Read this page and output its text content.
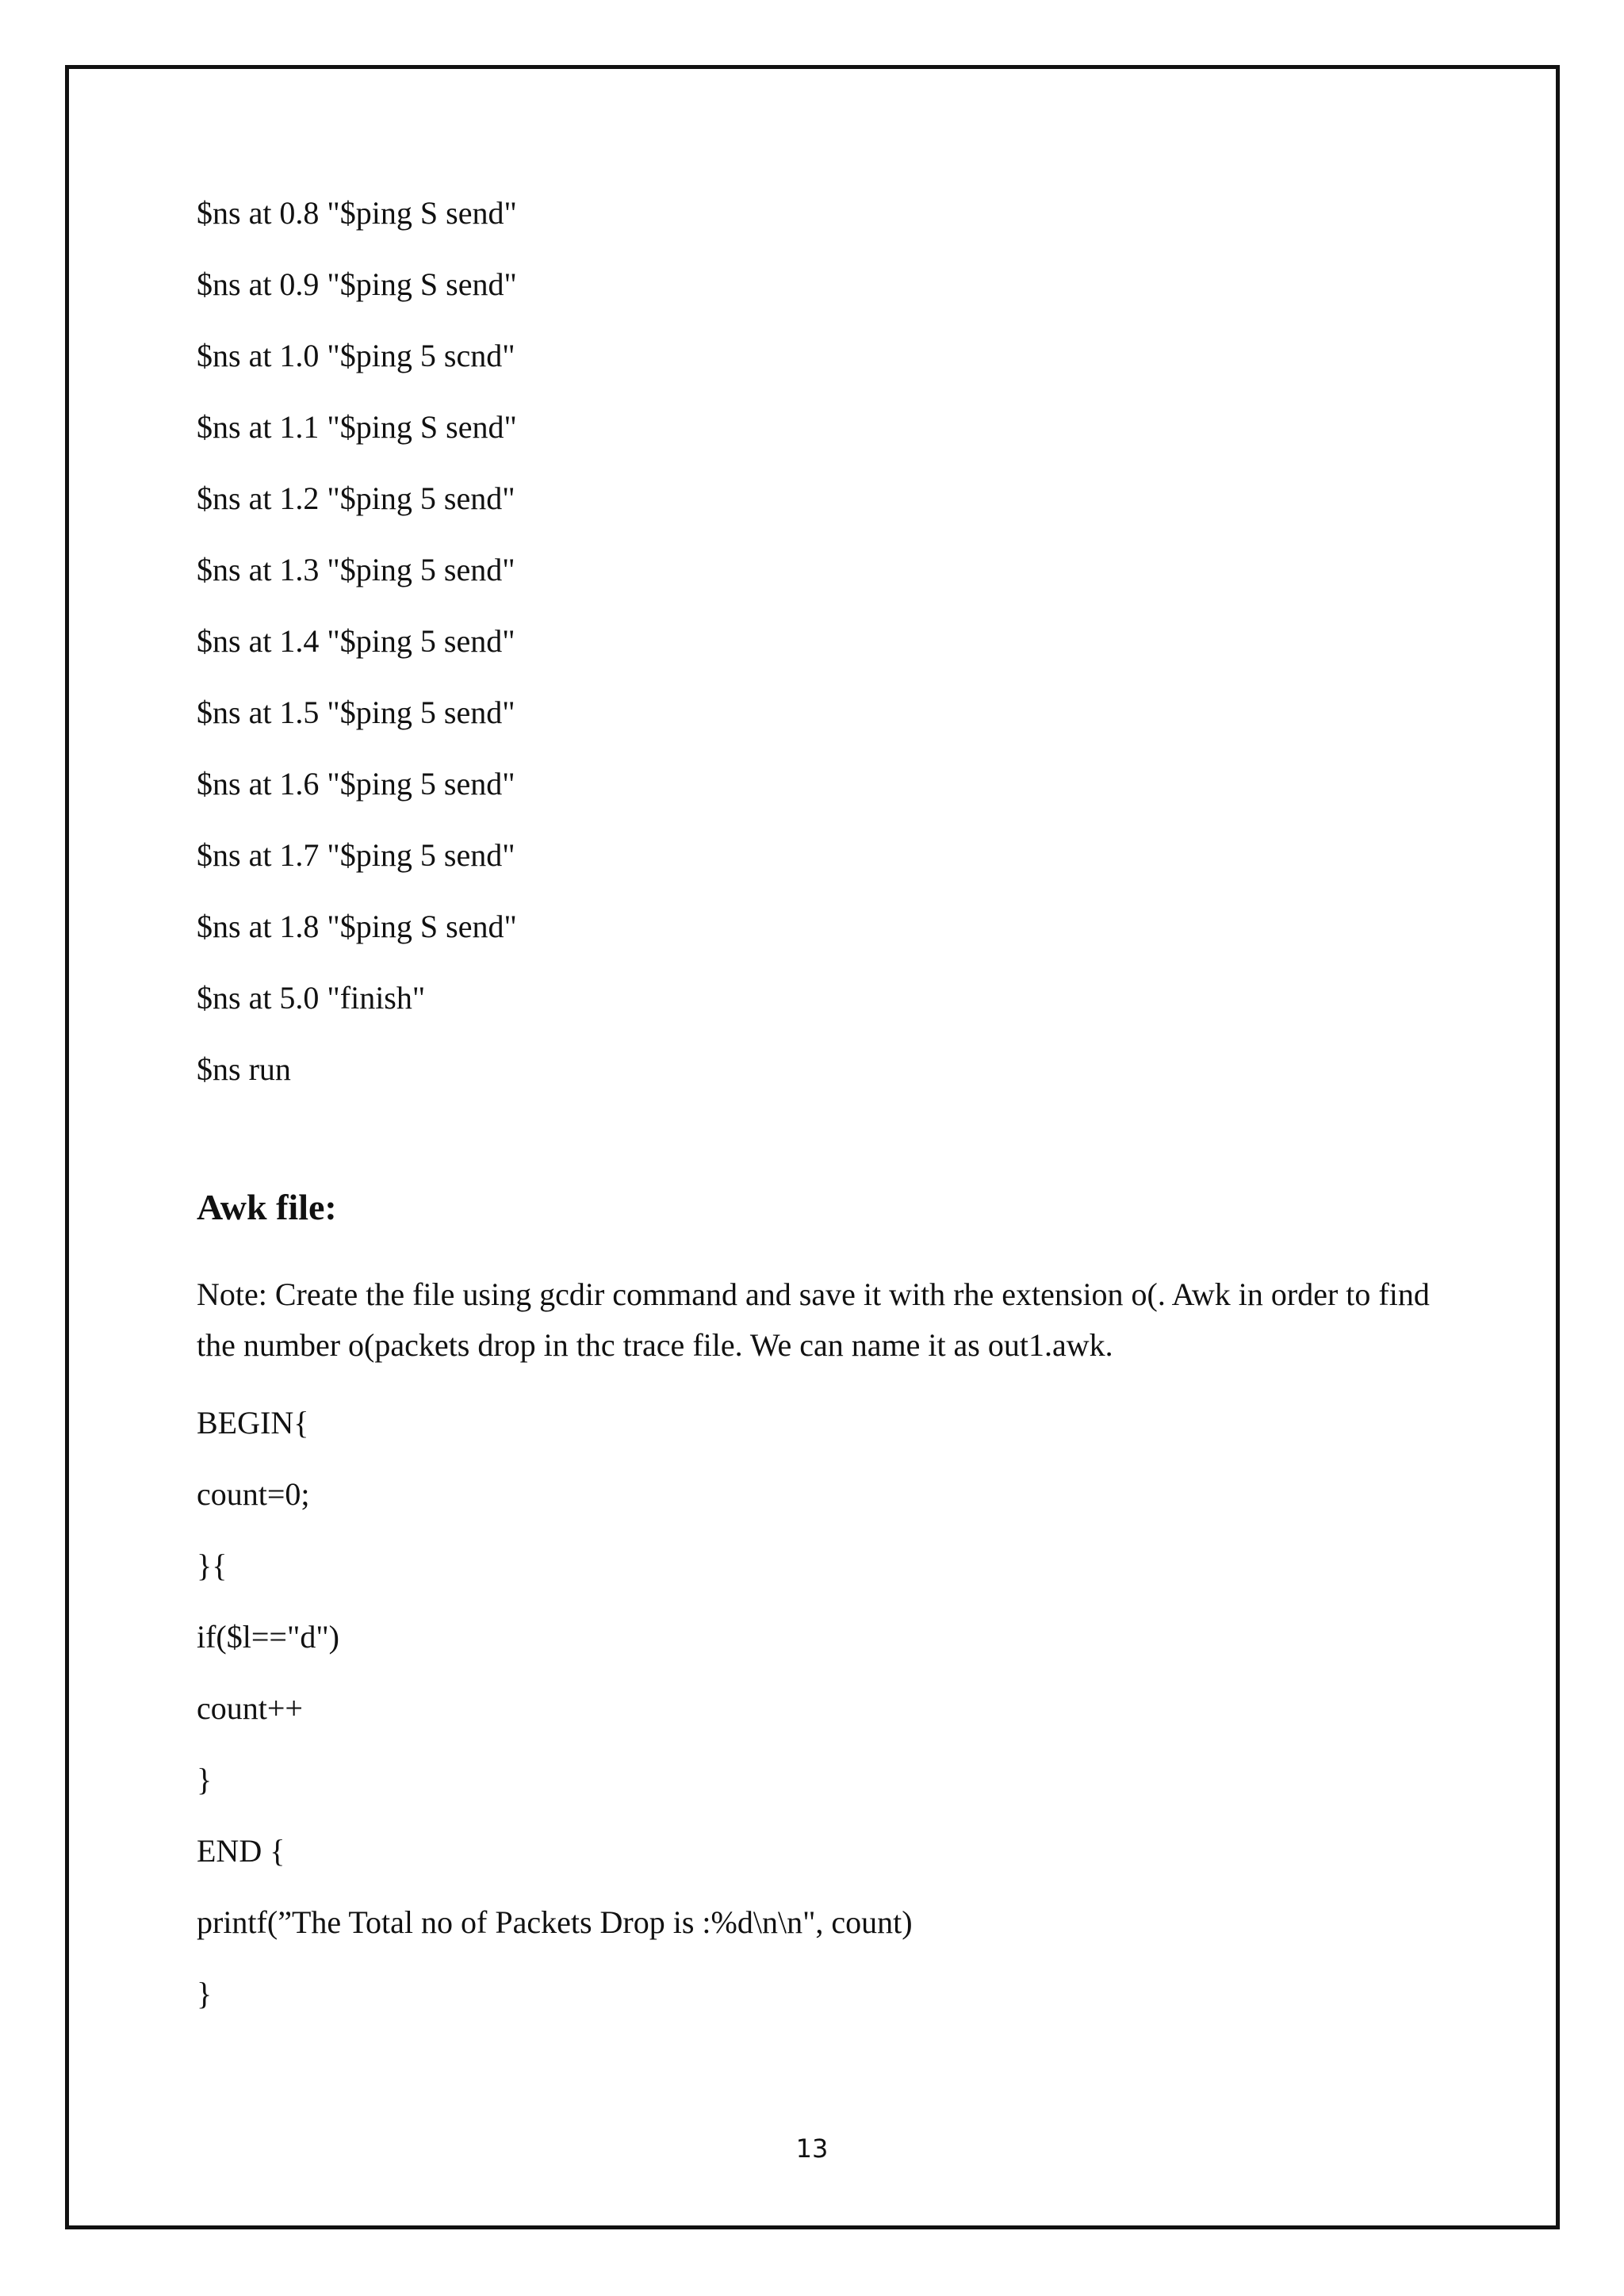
$ns at 0.8 "$ping S send"
$ns at 0.9 "$ping S send"
$ns at 1.0 "$ping 5 scnd"
$ns at 1.1 "$ping S send"
$ns at 1.2 "$ping 5 send"
$ns at 1.3 "$ping 5 send"
$ns at 1.4 "$ping 5 send"
$ns at 1.5 "$ping 5 send"
$ns at 1.6 "$ping 5 send"
$ns at 1.7 "$ping 5 send"
$ns at 1.8 "$ping S send"
$ns at 5.0 "finish"
$ns run
Awk file:
Note: Create the file using gcdir command and save it with rhe extension o(. Awk in order to find the number o(packets drop in thc trace file. We can name it as out1.awk.
BEGIN{
count=0;
}{
if($l=="d")
count++
}
END {
printf(”The Total no of Packets Drop is :%d\n\n", count)
}
13
